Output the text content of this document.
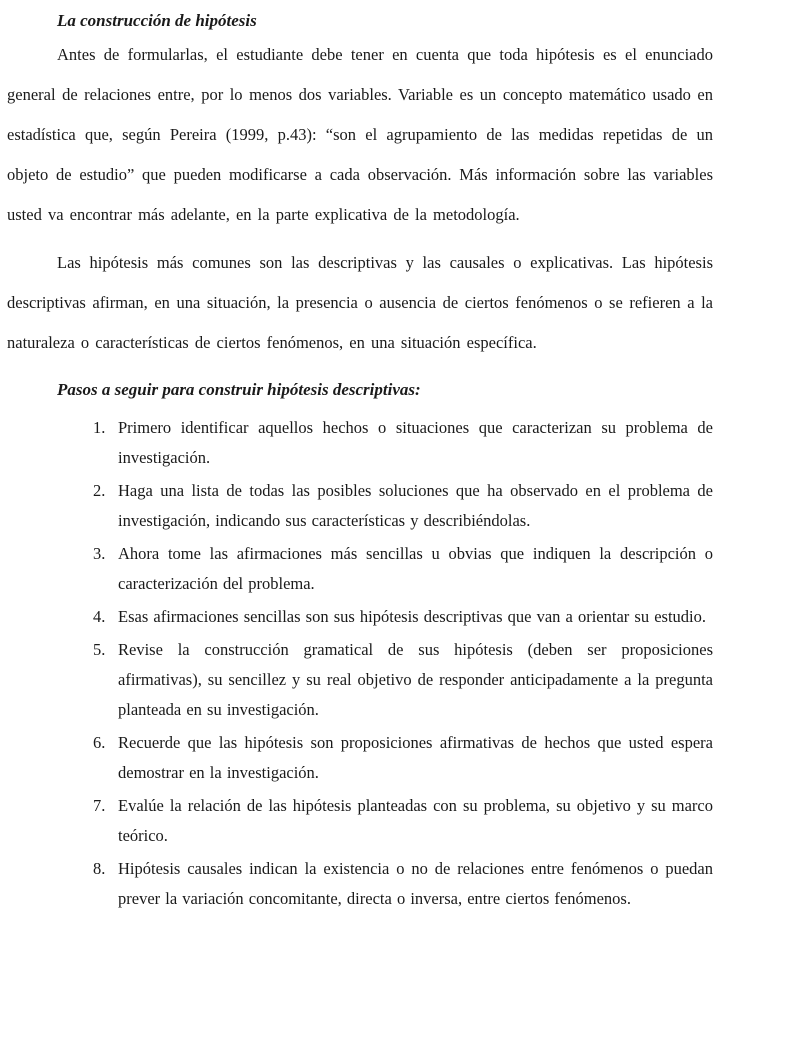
La construcción de hipótesis

Antes de formularlas, el estudiante debe tener en cuenta que toda hipótesis es el enunciado general de relaciones entre, por lo menos dos variables. Variable es un concepto matemático usado en estadística que, según Pereira (1999, p.43): “son el agrupamiento de las medidas repetidas de un objeto de estudio” que pueden modificarse a cada observación. Más información sobre las variables usted va encontrar más adelante, en la parte explicativa de la metodología.

Las hipótesis más comunes son las descriptivas y las causales o explicativas. Las hipótesis descriptivas afirman, en una situación, la presencia o ausencia de ciertos fenómenos o se refieren a la naturaleza o características de ciertos fenómenos, en una situación específica.

Pasos a seguir para construir hipótesis descriptivas:
1. Primero identificar aquellos hechos o situaciones que caracterizan su problema de investigación.
2. Haga una lista de todas las posibles soluciones que ha observado en el problema de investigación, indicando sus características y describiéndolas.
3. Ahora tome las afirmaciones más sencillas u obvias que indiquen la descripción o caracterización del problema.
4. Esas afirmaciones sencillas son sus hipótesis descriptivas que van a orientar su estudio.
5. Revise la construcción gramatical de sus hipótesis (deben ser proposiciones afirmativas), su sencillez y su real objetivo de responder anticipadamente a la pregunta planteada en su investigación.
6. Recuerde que las hipótesis son proposiciones afirmativas de hechos que usted espera demostrar en la investigación.
7. Evalúe la relación de las hipótesis planteadas con su problema, su objetivo y su marco teórico.
8. Hipótesis causales indican la existencia o no de relaciones entre fenómenos o puedan prever la variación concomitante, directa o inversa, entre ciertos fenómenos.
